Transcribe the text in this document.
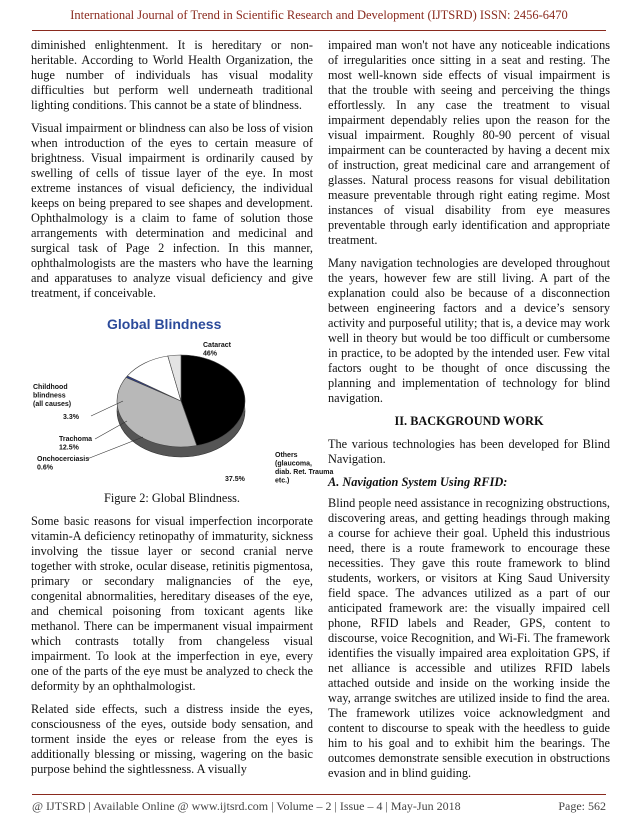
International Journal of Trend in Scientific Research and Development (IJTSRD) ISSN: 2456-6470

diminished enlightenment. It is hereditary or non-heritable. According to World Health Organization, the huge number of individuals has visual modality difficulties but perform well underneath traditional lighting conditions. This cannot be a state of blindness.

Visual impairment or blindness can also be loss of vision when introduction of the eyes to certain measure of brightness. Visual impairment is ordinarily caused by swelling of cells of tissue layer of the eye. In most extreme instances of visual deficiency, the individual keeps on being prepared to see shapes and development. Ophthalmology is a claim to fame of solution those arrangements with determination and medicinal and surgical task of Page 2 infection. In this manner, ophthalmologists are the masters who have the learning and apparatuses to analyze visual deficiency and give treatment, if conceivable.

Global Blindness
Cataract
46%
Childhood
blindness
(all causes)
3.3%
Trachoma
12.5%
Onchocerciasis
0.6%
Others
(glaucoma,
diab. Ret. Trauma
etc.)
37.5%
Figure 2: Global Blindness.

Some basic reasons for visual imperfection incorporate vitamin-A deficiency retinopathy of immaturity, sickness involving the tissue layer or second cranial nerve together with stroke, ocular disease, retinitis pigmentosa, primary or secondary malignancies of the eye, congenital abnormalities, hereditary diseases of the eye, and chemical poisoning from toxicant agents like methanol. There can be impermanent visual impairment which contrasts totally from changeless visual impairment. To look at the imperfection in eye, every one of the parts of the eye must be analyzed to check the deformity by an ophthalmologist.

Related side effects, such a distress inside the eyes, consciousness of the eyes, outside body sensation, and torment inside the eyes or release from the eyes is additionally blessing or missing, wagering on the basic purpose behind the sightlessness. A visually

impaired man won't not have any noticeable indications of irregularities once sitting in a seat and resting. The most well-known side effects of visual impairment is that the trouble with seeing and perceiving the things effortlessly. In any case the treatment to visual impairment dependably relies upon the reason for the visual impairment. Roughly 80-90 percent of visual impairment can be counteracted by having a decent mix of instruction, great medicinal care and arrangement of glasses. Natural process reasons for visual debilitation measure preventable through right eating regime. Most instances of visual disability from eye measures preventable through early identification and appropriate treatment.

Many navigation technologies are developed throughout the years, however few are still living. A part of the explanation could also be because of a disconnection between engineering factors and a device’s sensory activity and purposeful utility; that is, a device may work well in theory but would be too difficult or cumbersome in practice, to be adopted by the intended user. Few vital factors ought to be thought of once discussing the planning and implementation of technology for blind navigation.

II. BACKGROUND WORK

The various technologies has been developed for Blind Navigation.

A. Navigation System Using RFID:

Blind people need assistance in recognizing obstructions, discovering areas, and getting headings through making a course for achieve their goal. Upheld this industrious need, there is a route framework to encourage these necessities. They gave this route framework to blind students, workers, or visitors at King Saud University field space. The advances utilized as a part of our anticipated framework are: the visually impaired cell phone, RFID labels and Reader, GPS, content to discourse, voice Recognition, and Wi-Fi. The framework identifies the visually impaired area exploitation GPS, if net alliance is accessible and utilizes RFID labels attached outside and inside on the working inside the way, arrange switches are utilized inside to find the area. The framework utilizes voice acknowledgment and content to discourse to speak with the heedless to guide him to his goal and to exhibit him the bearings. The outcomes demonstrate sensible execution in obstructions evasion and in blind guiding.

@ IJTSRD | Available Online @ www.ijtsrd.com | Volume – 2 | Issue – 4 | May-Jun 2018	Page: 562
